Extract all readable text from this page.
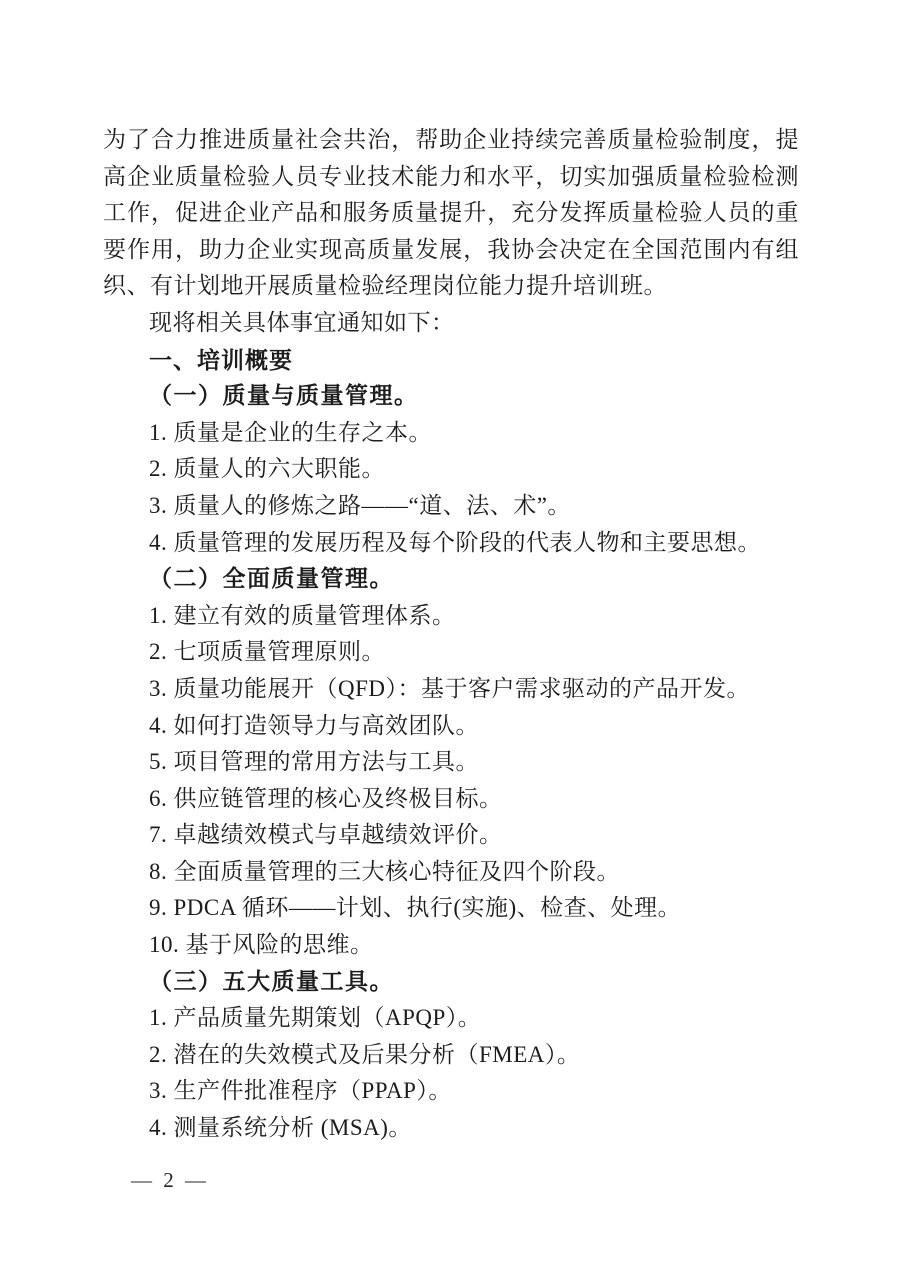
为了合力推进质量社会共治，帮助企业持续完善质量检验制度，提高企业质量检验人员专业技术能力和水平，切实加强质量检验检测工作，促进企业产品和服务质量提升，充分发挥质量检验人员的重要作用，助力企业实现高质量发展，我协会决定在全国范围内有组织、有计划地开展质量检验经理岗位能力提升培训班。

现将相关具体事宜通知如下：

一、培训概要

（一）质量与质量管理。

1. 质量是企业的生存之本。

2. 质量人的六大职能。

3. 质量人的修炼之路——“道、法、术”。

4. 质量管理的发展历程及每个阶段的代表人物和主要思想。

（二）全面质量管理。

1. 建立有效的质量管理体系。

2. 七项质量管理原则。

3. 质量功能展开（QFD）：基于客户需求驱动的产品开发。

4. 如何打造领导力与高效团队。

5. 项目管理的常用方法与工具。

6. 供应链管理的核心及终极目标。

7. 卓越绩效模式与卓越绩效评价。

8. 全面质量管理的三大核心特征及四个阶段。

9. PDCA 循环——计划、执行(实施)、检查、处理。

10. 基于风险的思维。

（三）五大质量工具。

1. 产品质量先期策划（APQP）。

2. 潜在的失效模式及后果分析（FMEA）。

3. 生产件批准程序（PPAP）。

4. 测量系统分析 (MSA)。

— 2 —
